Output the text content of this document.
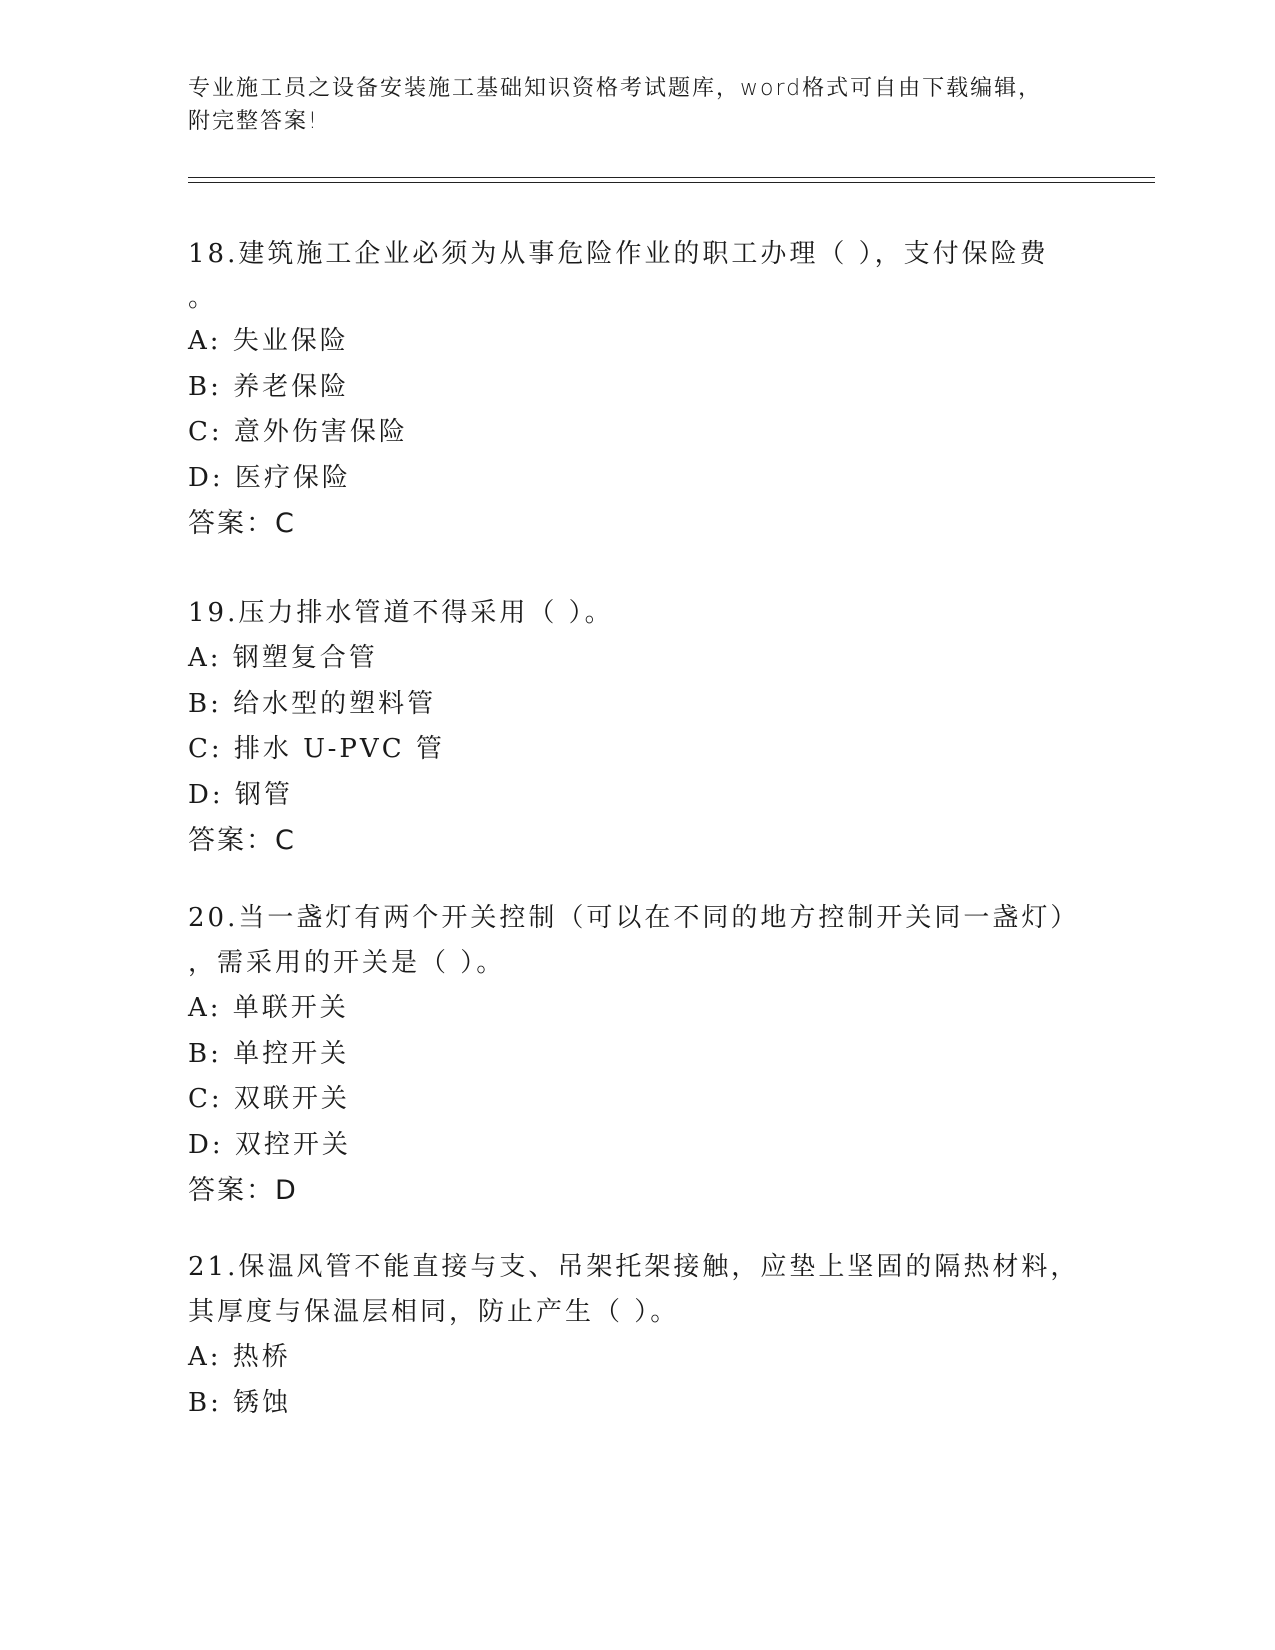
专业施工员之设备安装施工基础知识资格考试题库，word格式可自由下载编辑，
附完整答案!

18.建筑施工企业必须为从事危险作业的职工办理（ ），支付保险费

。

A: 失业保险

B: 养老保险

C: 意外伤害保险

D: 医疗保险

答案：C

19.压力排水管道不得采用（ ）。

A: 钢塑复合管

B: 给水型的塑料管

C: 排水 U-PVC 管

D: 钢管

答案：C

20.当一盏灯有两个开关控制（可以在不同的地方控制开关同一盏灯）

，需采用的开关是（ ）。

A: 单联开关

B: 单控开关

C: 双联开关

D: 双控开关

答案：D

21.保温风管不能直接与支、吊架托架接触，应垫上坚固的隔热材料，

其厚度与保温层相同，防止产生（ ）。

A: 热桥

B: 锈蚀
